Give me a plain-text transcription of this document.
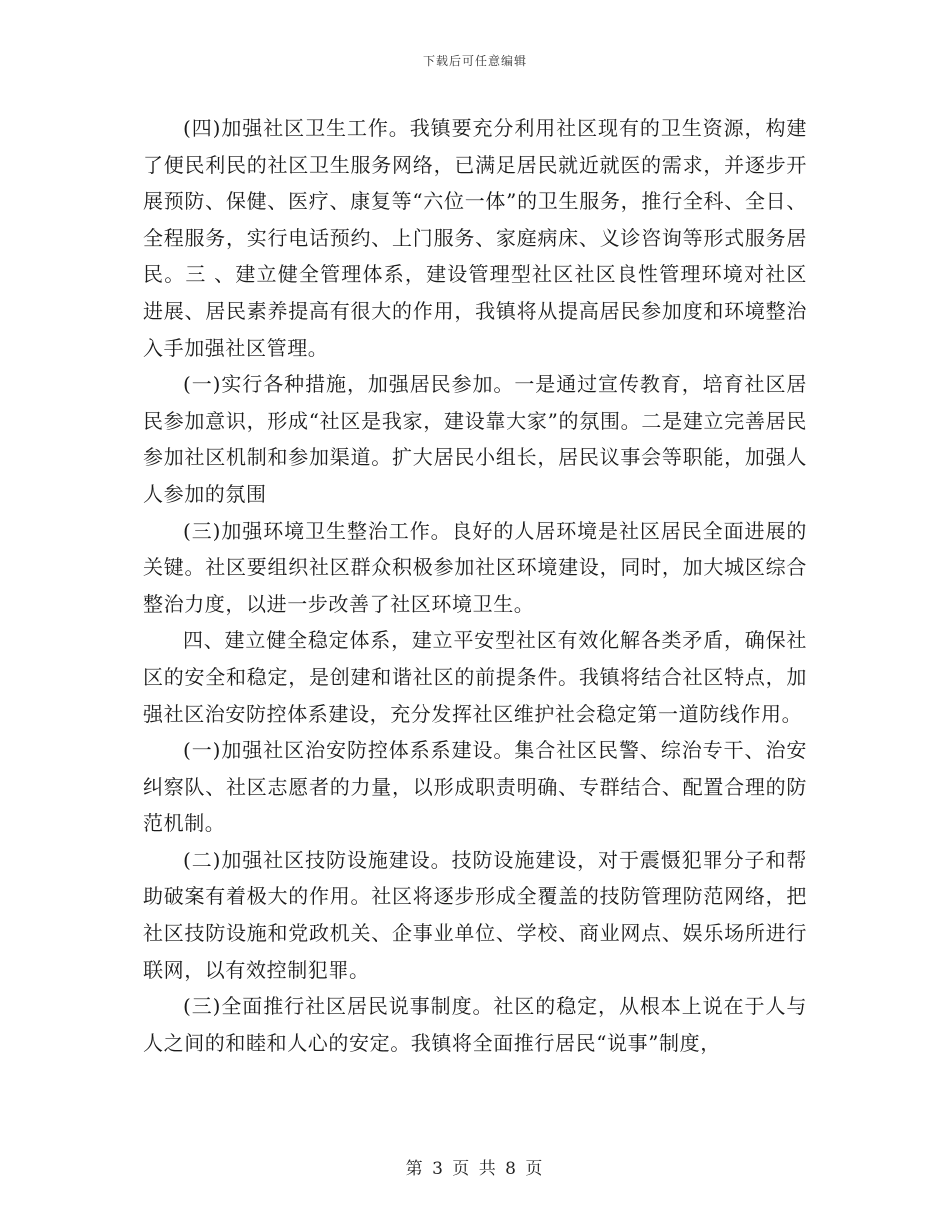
下载后可任意编辑

(四)加强社区卫生工作。我镇要充分利用社区现有的卫生资源，构建了便民利民的社区卫生服务网络，已满足居民就近就医的需求，并逐步开展预防、保健、医疗、康复等“六位一体”的卫生服务，推行全科、全日、全程服务，实行电话预约、上门服务、家庭病床、义诊咨询等形式服务居民。三 、建立健全管理体系，建设管理型社区社区良性管理环境对社区进展、居民素养提高有很大的作用，我镇将从提高居民参加度和环境整治入手加强社区管理。

(一)实行各种措施，加强居民参加。一是通过宣传教育，培育社区居民参加意识，形成“社区是我家，建设靠大家”的氛围。二是建立完善居民参加社区机制和参加渠道。扩大居民小组长，居民议事会等职能，加强人人参加的氛围

(三)加强环境卫生整治工作。良好的人居环境是社区居民全面进展的关键。社区要组织社区群众积极参加社区环境建设，同时，加大城区综合整治力度，以进一步改善了社区环境卫生。

四、建立健全稳定体系，建立平安型社区有效化解各类矛盾，确保社区的安全和稳定，是创建和谐社区的前提条件。我镇将结合社区特点，加强社区治安防控体系建设，充分发挥社区维护社会稳定第一道防线作用。

(一)加强社区治安防控体系系建设。集合社区民警、综治专干、治安纠察队、社区志愿者的力量，以形成职责明确、专群结合、配置合理的防范机制。

(二)加强社区技防设施建设。技防设施建设，对于震慑犯罪分子和帮助破案有着极大的作用。社区将逐步形成全覆盖的技防管理防范网络，把社区技防设施和党政机关、企事业单位、学校、商业网点、娱乐场所进行联网，以有效控制犯罪。

(三)全面推行社区居民说事制度。社区的稳定，从根本上说在于人与人之间的和睦和人心的安定。我镇将全面推行居民“说事”制度，

第 3 页 共 8 页
